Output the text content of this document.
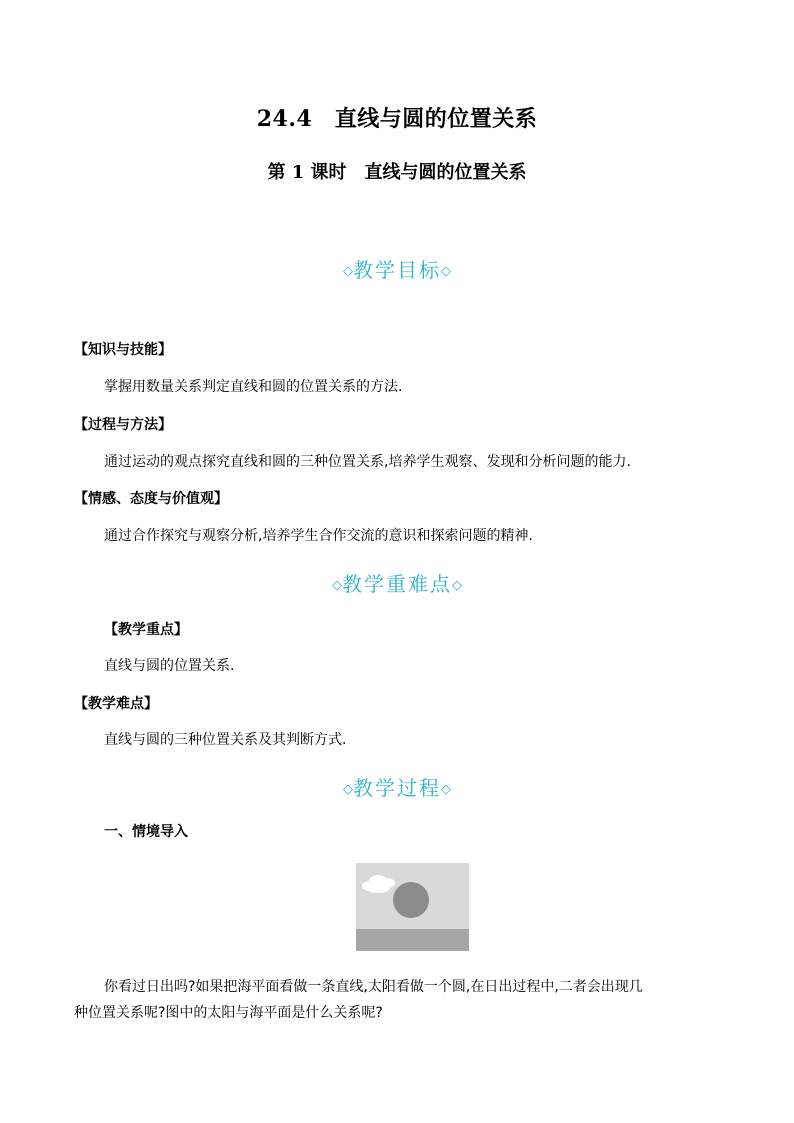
24.4　直线与圆的位置关系
第 1 课时　直线与圆的位置关系
◇教学目标◇
【知识与技能】
掌握用数量关系判定直线和圆的位置关系的方法.
【过程与方法】
通过运动的观点探究直线和圆的三种位置关系,培养学生观察、发现和分析问题的能力.
【情感、态度与价值观】
通过合作探究与观察分析,培养学生合作交流的意识和探索问题的精神.
◇教学重难点◇
【教学重点】
直线与圆的位置关系.
【教学难点】
直线与圆的三种位置关系及其判断方式.
◇教学过程◇
一、情境导入
你看过日出吗?如果把海平面看做一条直线,太阳看做一个圆,在日出过程中,二者会出现几
种位置关系呢?图中的太阳与海平面是什么关系呢?
